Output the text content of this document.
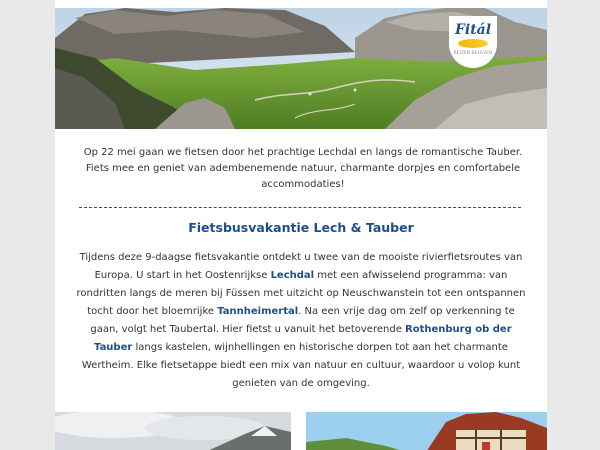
Fitál
REIZEN BELEVEN

Op 22 mei gaan we fietsen door het prachtige Lechdal en langs de romantische Tauber. Fiets mee en geniet van adembenemende natuur, charmante dorpjes en comfortabele accommodaties!

Fietsbusvakantie Lech & Tauber

Tijdens deze 9-daagse fietsvakantie ontdekt u twee van de mooiste rivierfietsroutes van Europa. U start in het Oostenrijkse Lechdal met een afwisselend programma: van rondritten langs de meren bij Füssen met uitzicht op Neuschwanstein tot een ontspannen tocht door het bloemrijke Tannheimertal. Na een vrije dag om zelf op verkenning te gaan, volgt het Taubertal. Hier fietst u vanuit het betoverende Rothenburg ob der Tauber langs kastelen, wijnhellingen en historische dorpen tot aan het charmante Wertheim. Elke fietsetappe biedt een mix van natuur en cultuur, waardoor u volop kunt genieten van de omgeving.
